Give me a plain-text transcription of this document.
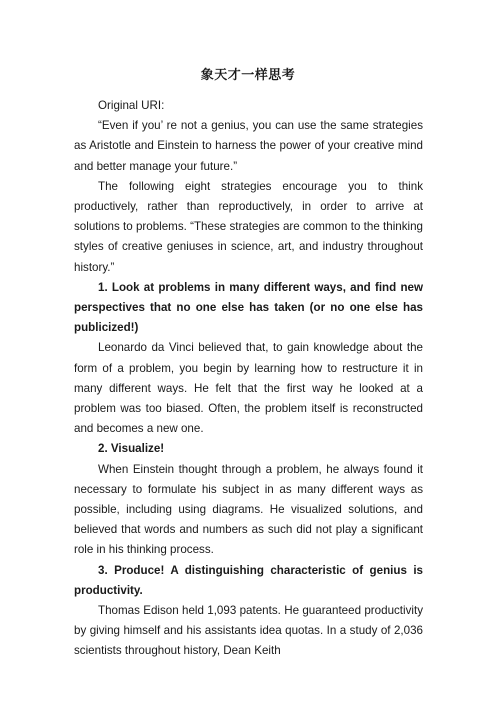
象天才一样思考

Original URI:

“Even if you’ re not a genius, you can use the same strategies as Aristotle and Einstein to harness the power of your creative mind and better manage your future.”

The following eight strategies encourage you to think productively, rather than reproductively, in order to arrive at solutions to problems. “These strategies are common to the thinking styles of creative geniuses in science, art, and industry throughout history.”

1. Look at problems in many different ways, and find new perspectives that no one else has taken (or no one else has publicized!)

Leonardo da Vinci believed that, to gain knowledge about the form of a problem, you begin by learning how to restructure it in many different ways. He felt that the first way he looked at a problem was too biased. Often, the problem itself is reconstructed and becomes a new one.

2. Visualize!

When Einstein thought through a problem, he always found it necessary to formulate his subject in as many different ways as possible, including using diagrams. He visualized solutions, and believed that words and numbers as such did not play a significant role in his thinking process.

3. Produce! A distinguishing characteristic of genius is productivity.

Thomas Edison held 1,093 patents. He guaranteed productivity by giving himself and his assistants idea quotas. In a study of 2,036 scientists throughout history, Dean Keith
